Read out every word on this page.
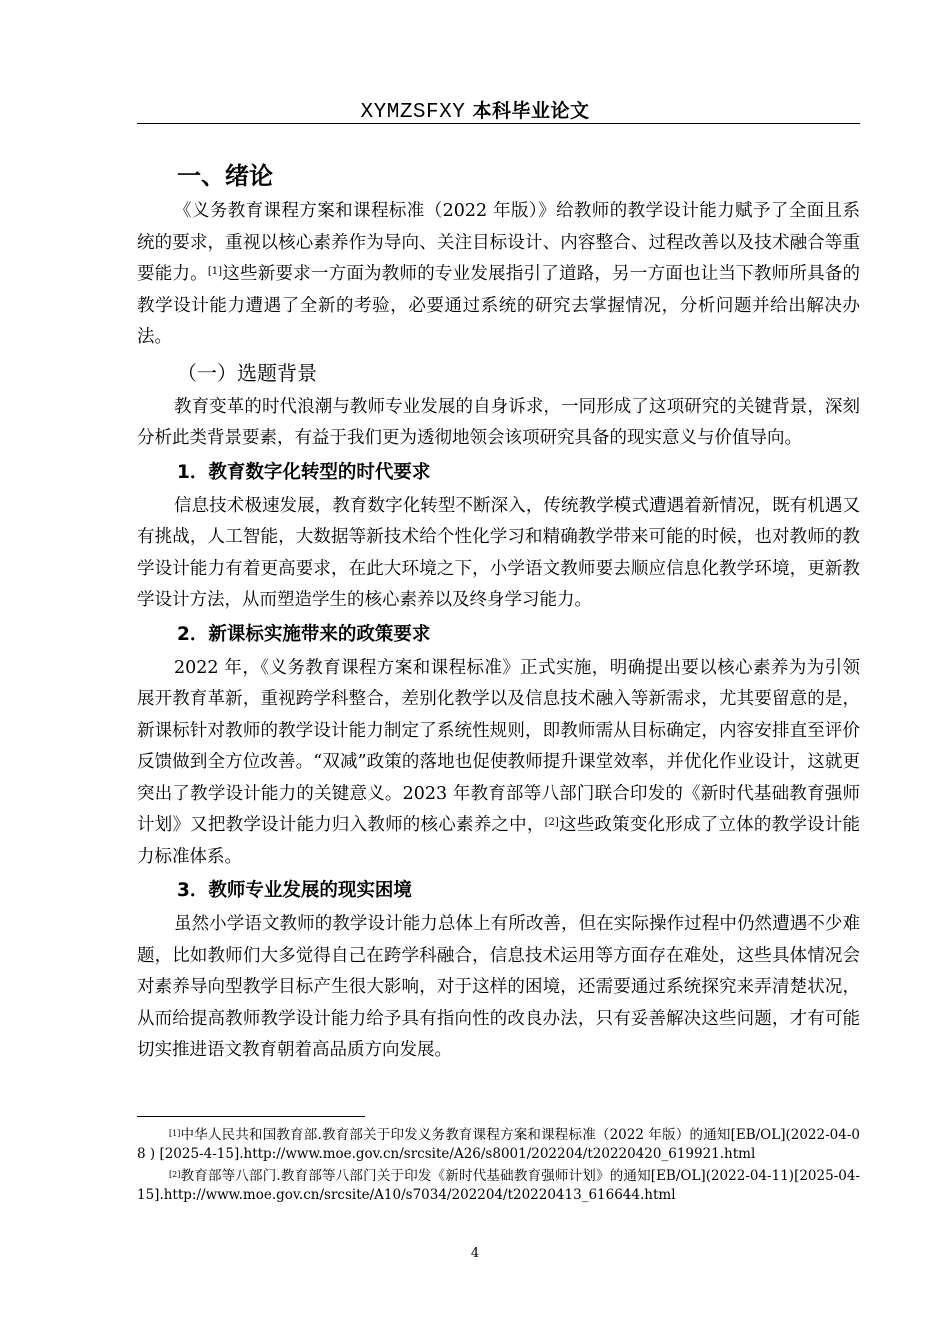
XYMZSFXY 本科毕业论文
一、绪论

《义务教育课程方案和课程标准（2022 年版）》给教师的教学设计能力赋予了全面且系统的要求，重视以核心素养作为导向、关注目标设计、内容整合、过程改善以及技术融合等重要能力。[1]这些新要求一方面为教师的专业发展指引了道路，另一方面也让当下教师所具备的教学设计能力遭遇了全新的考验，必要通过系统的研究去掌握情况，分析问题并给出解决办法。

（一）选题背景

教育变革的时代浪潮与教师专业发展的自身诉求，一同形成了这项研究的关键背景，深刻分析此类背景要素，有益于我们更为透彻地领会该项研究具备的现实意义与价值导向。

1．教育数字化转型的时代要求

信息技术极速发展，教育数字化转型不断深入，传统教学模式遭遇着新情况，既有机遇又有挑战，人工智能，大数据等新技术给个性化学习和精确教学带来可能的时候，也对教师的教学设计能力有着更高要求，在此大环境之下，小学语文教师要去顺应信息化教学环境，更新教学设计方法，从而塑造学生的核心素养以及终身学习能力。

2．新课标实施带来的政策要求

2022 年，《义务教育课程方案和课程标准》正式实施，明确提出要以核心素养为为引领展开教育革新，重视跨学科整合，差别化教学以及信息技术融入等新需求，尤其要留意的是，新课标针对教师的教学设计能力制定了系统性规则，即教师需从目标确定，内容安排直至评价反馈做到全方位改善。“双减”政策的落地也促使教师提升课堂效率，并优化作业设计，这就更突出了教学设计能力的关键意义。2023 年教育部等八部门联合印发的《新时代基础教育强师计划》又把教学设计能力归入教师的核心素养之中，[2]这些政策变化形成了立体的教学设计能力标准体系。

3．教师专业发展的现实困境

虽然小学语文教师的教学设计能力总体上有所改善，但在实际操作过程中仍然遭遇不少难题，比如教师们大多觉得自己在跨学科融合，信息技术运用等方面存在难处，这些具体情况会对素养导向型教学目标产生很大影响，对于这样的困境，还需要通过系统探究来弄清楚状况，从而给提高教师教学设计能力给予具有指向性的改良办法，只有妥善解决这些问题，才有可能切实推进语文教育朝着高品质方向发展。

[1]中华人民共和国教育部.教育部关于印发义务教育课程方案和课程标准（2022 年版）的通知[EB/OL](2022-04-08 ) [2025-4-15].http://www.moe.gov.cn/srcsite/A26/s8001/202204/t20220420_619921.html
[2]教育部等八部门.教育部等八部门关于印发《新时代基础教育强师计划》的通知[EB/OL](2022-04-11)[2025-04-15].http://www.moe.gov.cn/srcsite/A10/s7034/202204/t20220413_616644.html
4
